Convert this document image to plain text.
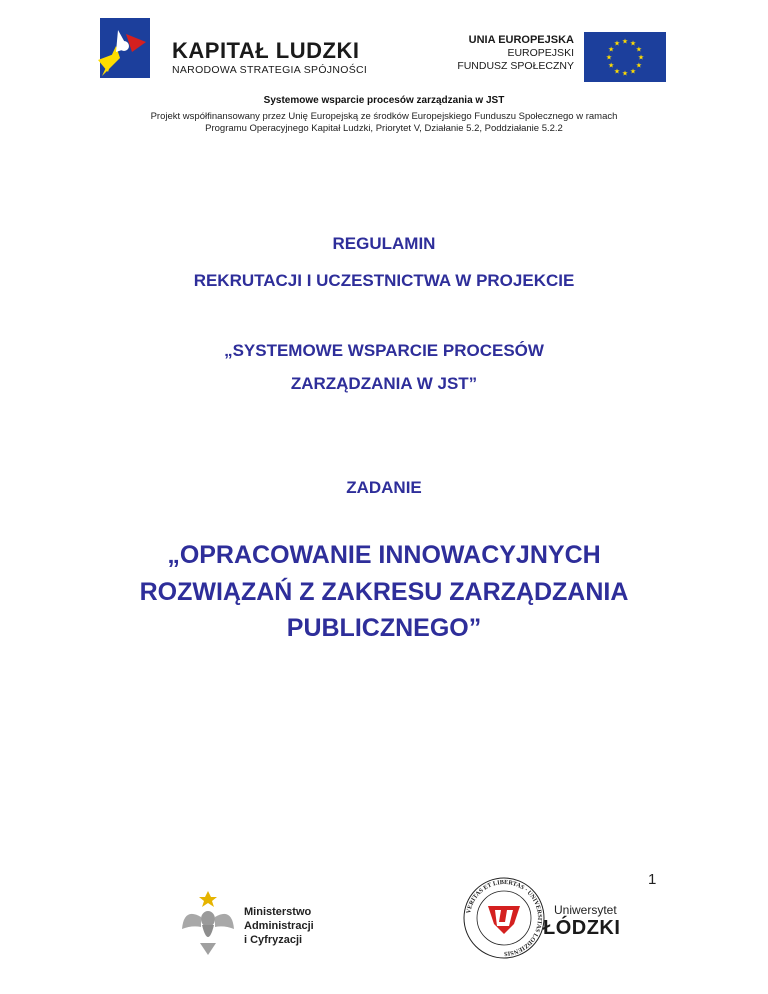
KAPITAŁ LUDZKI
NARODOWA STRATEGIA SPÓJNOŚCI
UNIA EUROPEJSKA
EUROPEJSKI
FUNDUSZ SPOŁECZNY
★ ★
★
★
★
★
★
★
★
★
★
★
Systemowe wsparcie procesów zarządzania w JST
Projekt współfinansowany przez Unię Europejską ze środków Europejskiego Funduszu Społecznego w ramach
Programu Operacyjnego Kapitał Ludzki, Priorytet V, Działanie 5.2, Poddziałanie 5.2.2
REGULAMIN
REKRUTACJI I UCZESTNICTWA W PROJEKCIE
„SYSTEMOWE WSPARCIE PROCESÓW
ZARZĄDZANIA W JST”
ZADANIE
„OPRACOWANIE INNOWACYJNYCH
ROZWIĄZAŃ Z ZAKRESU ZARZĄDZANIA
PUBLICZNEGO”
1
Ministerstwo
Administracji
i Cyfryzacji
VERITAS ET LIBERTAS · UNIVERSITAS LODZIENSIS
Uniwersytet
ŁÓDZKI
